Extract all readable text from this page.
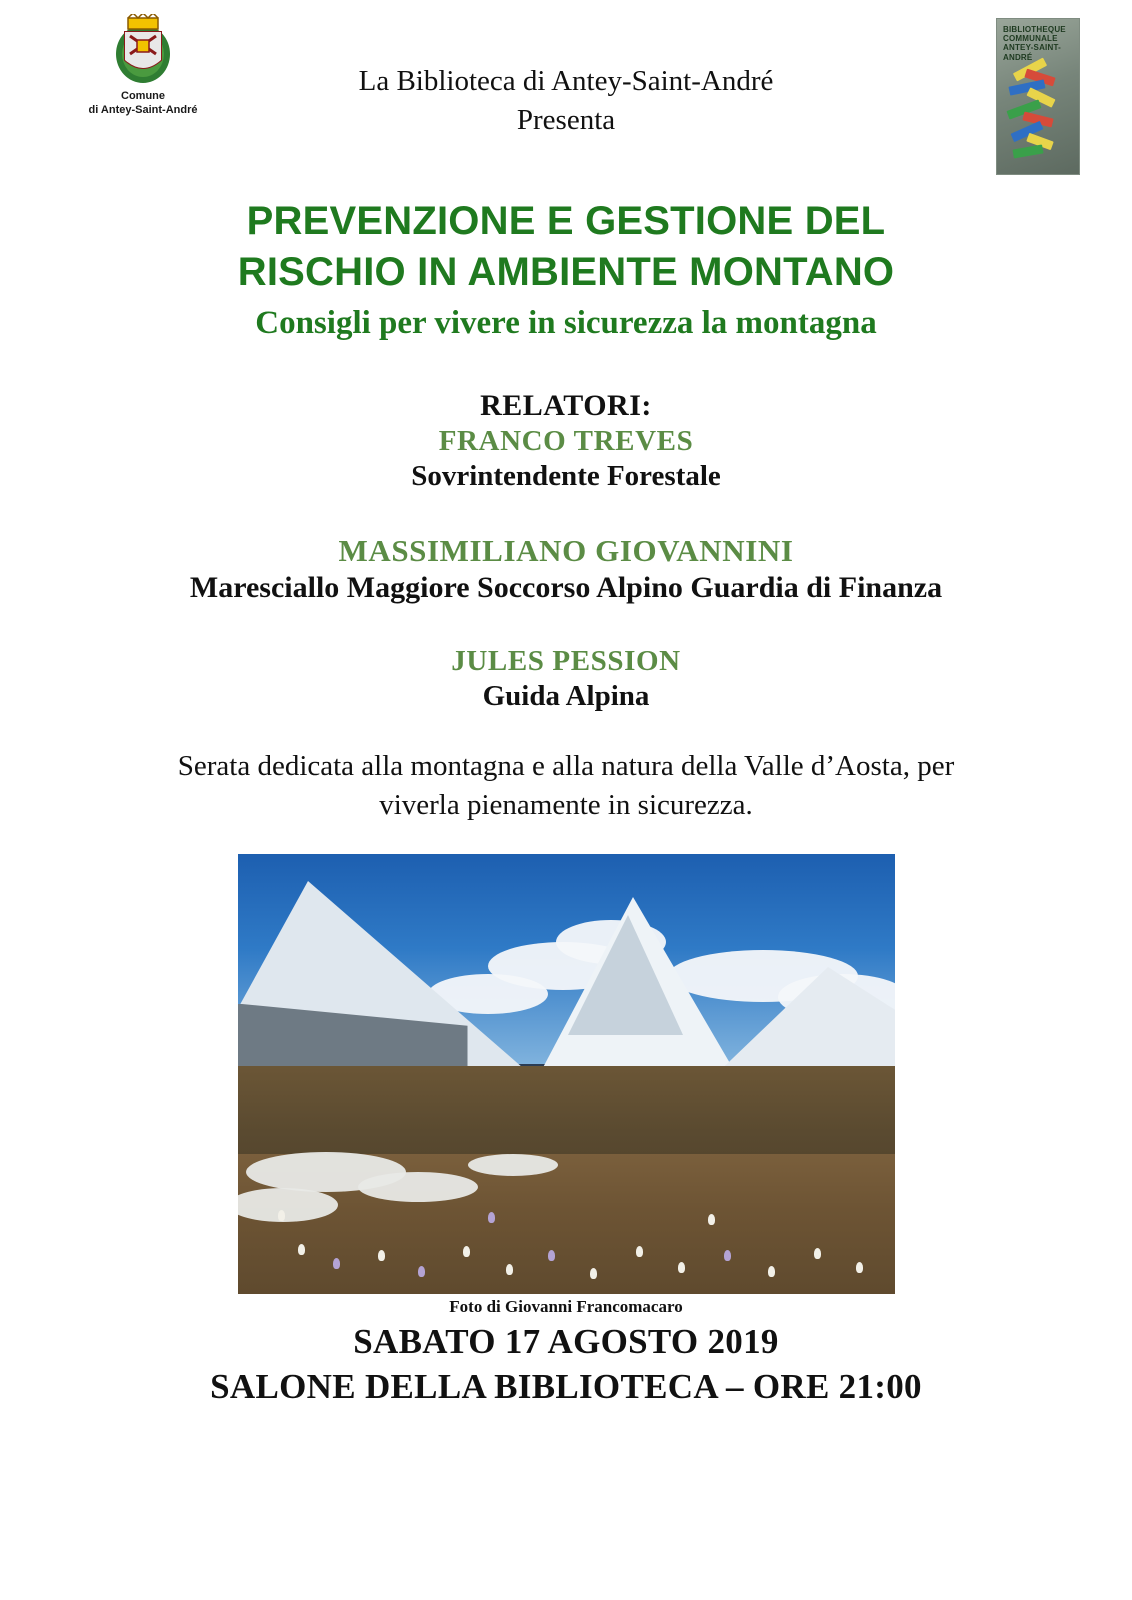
Comune
di Antey-Saint-André
BIBLIOTHEQUE
COMMUNALE
ANTEY-SAINT-ANDRÉ
La Biblioteca di Antey-Saint-André
Presenta
PREVENZIONE E GESTIONE DEL
RISCHIO IN AMBIENTE MONTANO
Consigli per vivere in sicurezza la montagna
RELATORI:
FRANCO TREVES
Sovrintendente Forestale
MASSIMILIANO GIOVANNINI
Maresciallo Maggiore Soccorso Alpino Guardia di Finanza
JULES PESSION
Guida Alpina
Serata dedicata alla montagna e alla natura della Valle d’Aosta, per
viverla pienamente in sicurezza.
Foto di Giovanni Francomacaro
SABATO 17 AGOSTO 2019
SALONE DELLA BIBLIOTECA – ORE 21:00
